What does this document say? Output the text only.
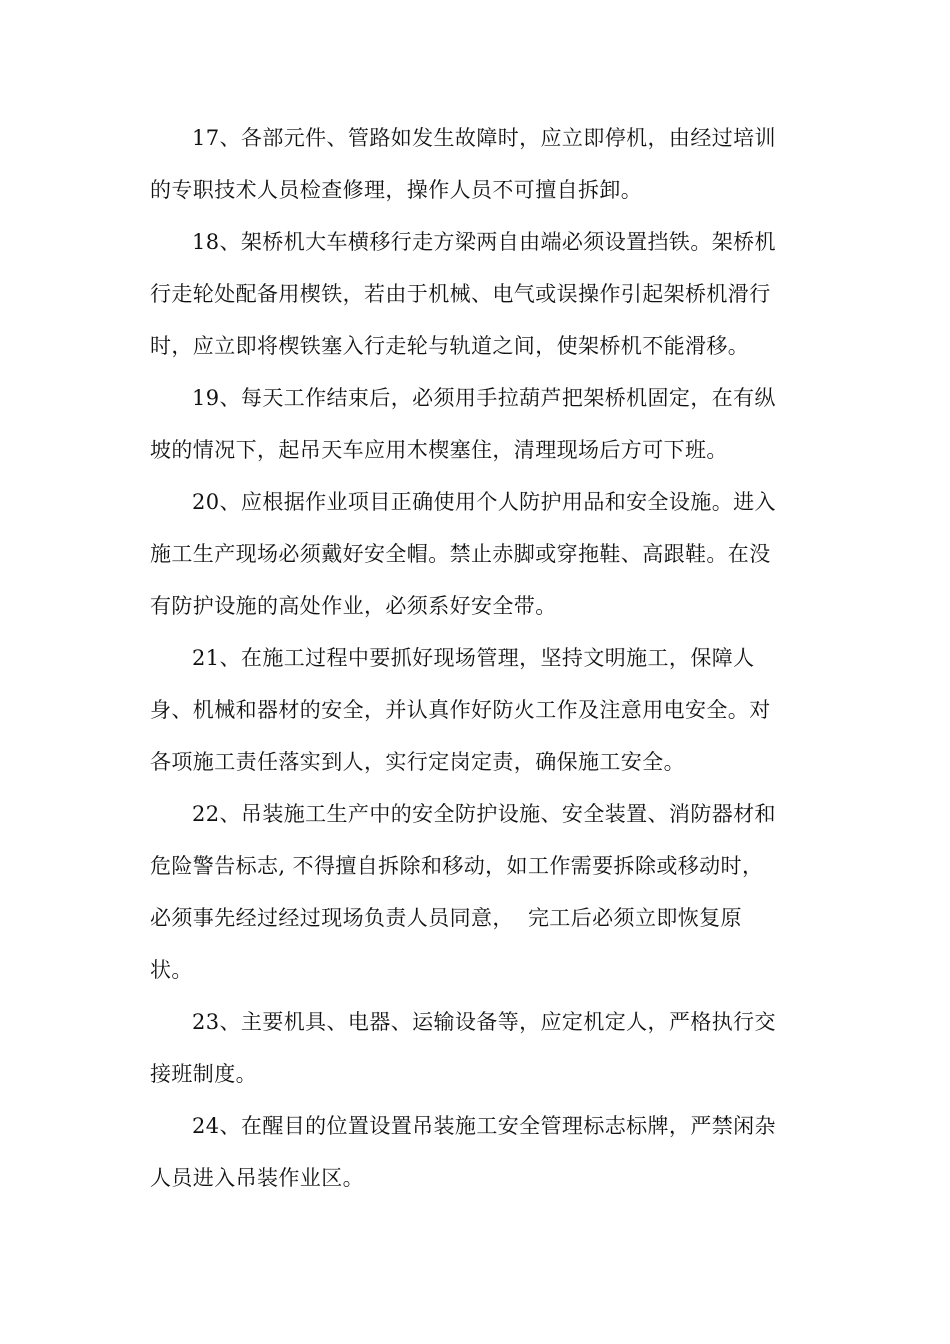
17、各部元件、管路如发生故障时，应立即停机，由经过培训
的专职技术人员检查修理，操作人员不可擅自拆卸。

18、架桥机大车横移行走方梁两自由端必须设置挡铁。架桥机
行走轮处配备用楔铁，若由于机械、电气或误操作引起架桥机滑行
时，应立即将楔铁塞入行走轮与轨道之间，使架桥机不能滑移。

19、每天工作结束后，必须用手拉葫芦把架桥机固定，在有纵
坡的情况下，起吊天车应用木楔塞住，清理现场后方可下班。

20、应根据作业项目正确使用个人防护用品和安全设施。进入
施工生产现场必须戴好安全帽。禁止赤脚或穿拖鞋、高跟鞋。在没
有防护设施的高处作业，必须系好安全带。

21、在施工过程中要抓好现场管理，坚持文明施工，保障人
身、机械和器材的安全，并认真作好防火工作及注意用电安全。对
各项施工责任落实到人，实行定岗定责，确保施工安全。

22、吊装施工生产中的安全防护设施、安全装置、消防器材和
危险警告标志, 不得擅自拆除和移动，如工作需要拆除或移动时，
必须事先经过经过现场负责人员同意，  完工后必须立即恢复原
状。

23、主要机具、电器、运输设备等，应定机定人，严格执行交
接班制度。

24、在醒目的位置设置吊装施工安全管理标志标牌，严禁闲杂
人员进入吊装作业区。
